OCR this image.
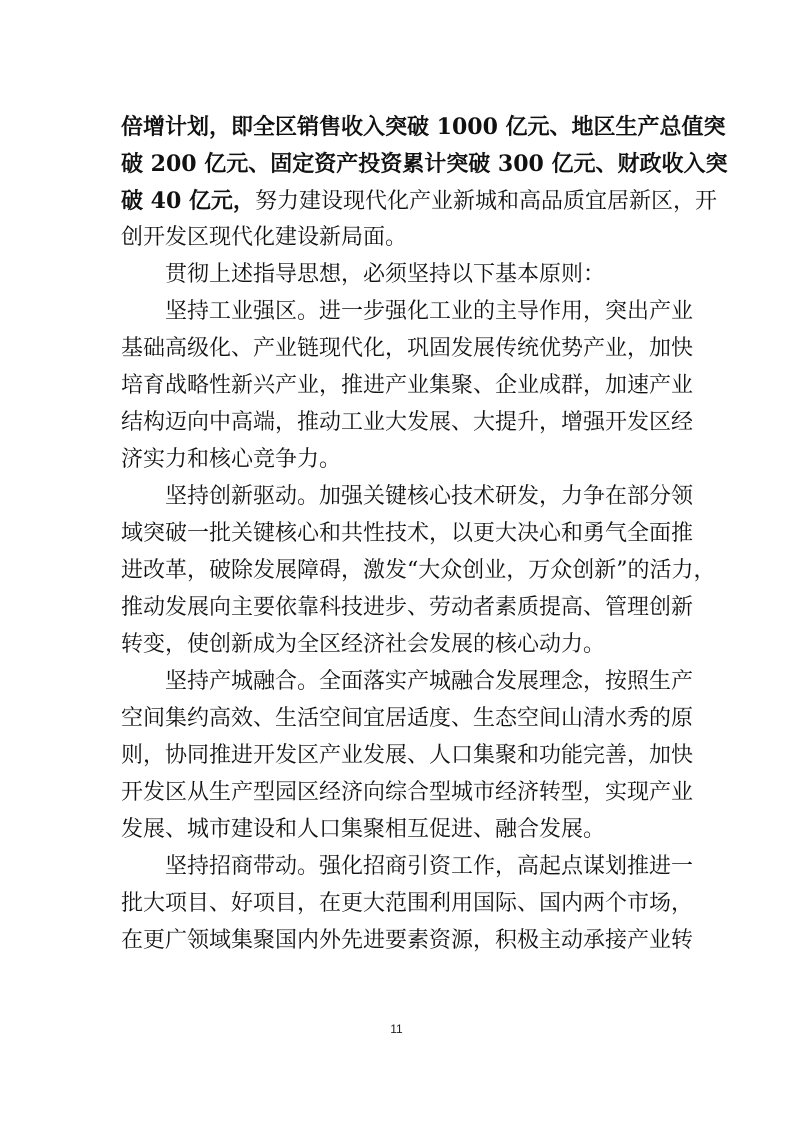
倍增计划，即全区销售收入突破 1000 亿元、地区生产总值突
破 200 亿元、固定资产投资累计突破 300 亿元、财政收入突
破 40 亿元，努力建设现代化产业新城和高品质宜居新区，开
创开发区现代化建设新局面。
贯彻上述指导思想，必须坚持以下基本原则：
坚持工业强区。进一步强化工业的主导作用，突出产业
基础高级化、产业链现代化，巩固发展传统优势产业，加快
培育战略性新兴产业，推进产业集聚、企业成群，加速产业
结构迈向中高端，推动工业大发展、大提升，增强开发区经
济实力和核心竞争力。
坚持创新驱动。加强关键核心技术研发，力争在部分领
域突破一批关键核心和共性技术，以更大决心和勇气全面推
进改革，破除发展障碍，激发“大众创业，万众创新”的活力，
推动发展向主要依靠科技进步、劳动者素质提高、管理创新
转变，使创新成为全区经济社会发展的核心动力。
坚持产城融合。全面落实产城融合发展理念，按照生产
空间集约高效、生活空间宜居适度、生态空间山清水秀的原
则，协同推进开发区产业发展、人口集聚和功能完善，加快
开发区从生产型园区经济向综合型城市经济转型，实现产业
发展、城市建设和人口集聚相互促进、融合发展。
坚持招商带动。强化招商引资工作，高起点谋划推进一
批大项目、好项目，在更大范围利用国际、国内两个市场，
在更广领域集聚国内外先进要素资源，积极主动承接产业转
11
